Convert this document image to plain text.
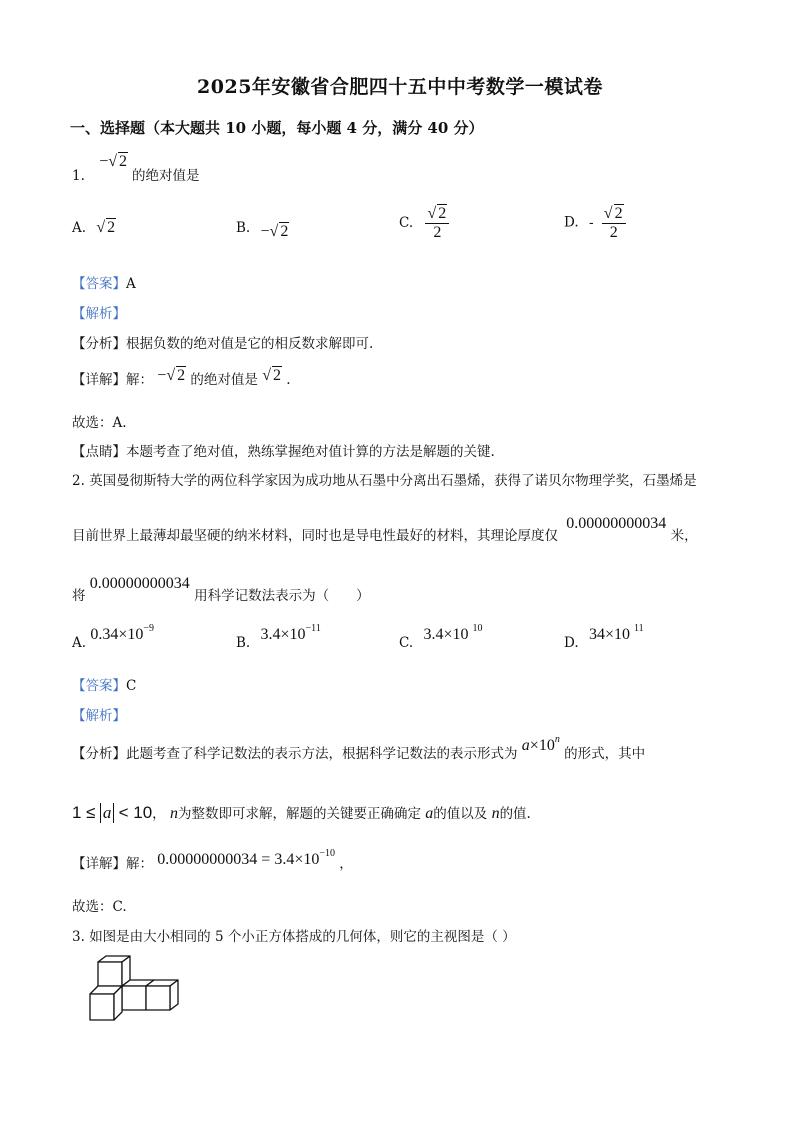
2025年安徽省合肥四十五中中考数学一模试卷
一、选择题（本大题共 10 小题，每小题 4 分，满分 40 分）
1. −√ 2 的绝对值是
A. √ 2	B. −√ 2
C. $\frac{√ 2}{2}$	D. - $\frac{√ 2}{2}$
【答案】A
【解析】
【分析】根据负数的绝对值是它的相反数求解即可.
【详解】解： −√ 2 的绝对值是 √ 2 .
故选：A.
【点睛】本题考查了绝对值，熟练掌握绝对值计算的方法是解题的关键.
2. 英国曼彻斯特大学的两位科学家因为成功地从石墨中分离出石墨烯，获得了诺贝尔物理学奖，石墨烯是
目前世界上最薄却最坚硬的纳米材料，同时也是导电性最好的材料，其理论厚度仅 0.00000000034 米，
将 0.00000000034 用科学记数法表示为（　　）
A. $0.34\times 10^{-9}$
B. $3.4\times 10^{-11}$
C. 3.4×10 $^{10}$
D. 34×10 $^{11}$
【答案】C
【解析】
【分析】此题考查了科学记数法的表示方法，根据科学记数法的表示形式为 $a\times 10^n$ 的形式，其中
1 ≤ a < 10， n为整数即可求解，解题的关键要正确确定 a的值以及 n的值.
【详解】解： $0.00000000034 = 3.4\times 10^{-10}$ ，
故选：C.
3. 如图是由大小相同的 5 个小正方体搭成的几何体，则它的主视图是（ ）
